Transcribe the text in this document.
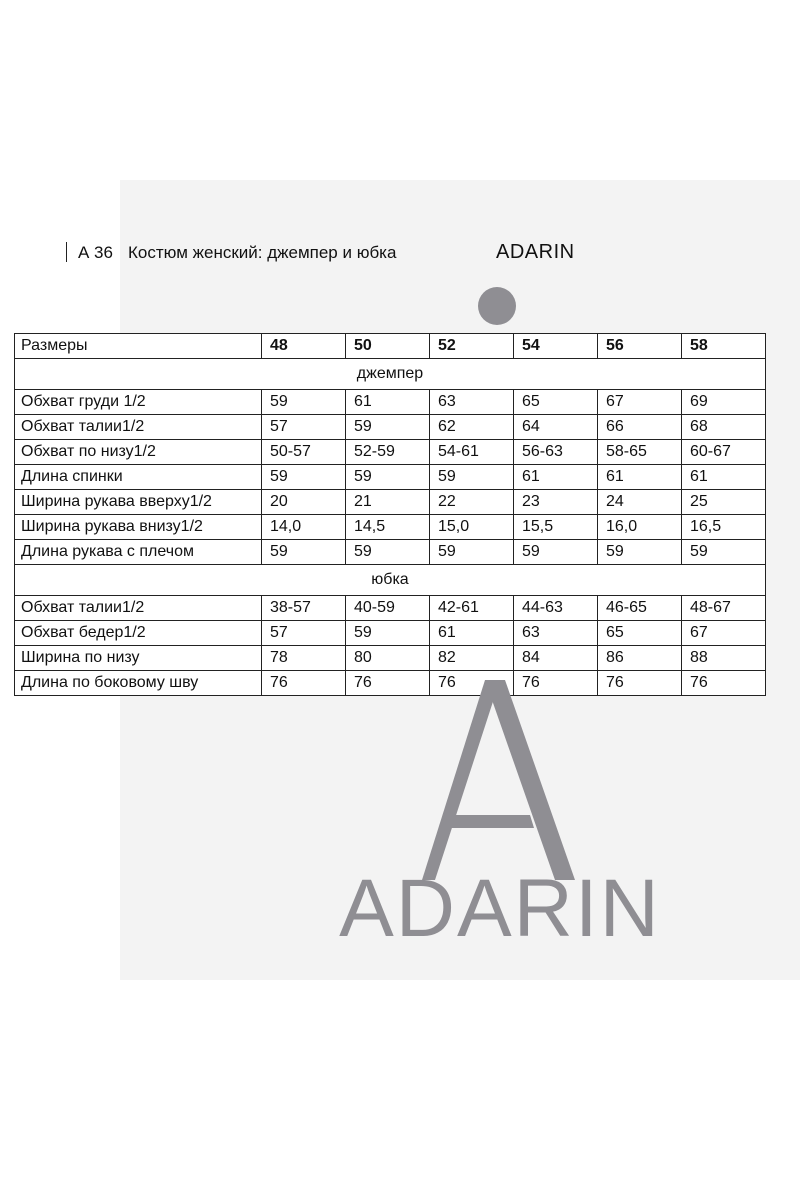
А 36 Костюм женский: джемпер и юбка	ADARIN
Размеры	48	50	52	54	56	58
джемпер						
Обхват груди 1/2	59	61	63	65	67	69
Обхват талии1/2	57	59	62	64	66	68
Обхват по низу1/2	50-57	52-59	54-61	56-63	58-65	60-67
Длина спинки	59	59	59	61	61	61
Ширина рукава вверху1/2	20	21	22	23	24	25
Ширина рукава внизу1/2	14,0	14,5	15,0	15,5	16,0	16,5
Длина рукава с плечом	59	59	59	59	59	59
юбка						
Обхват талии1/2	38-57	40-59	42-61	44-63	46-65	48-67
Обхват бедер1/2	57	59	61	63	65	67
Ширина по низу	78	80	82	84	86	88
Длина по боковому шву	76	76	76	76	76	76
ADARIN
